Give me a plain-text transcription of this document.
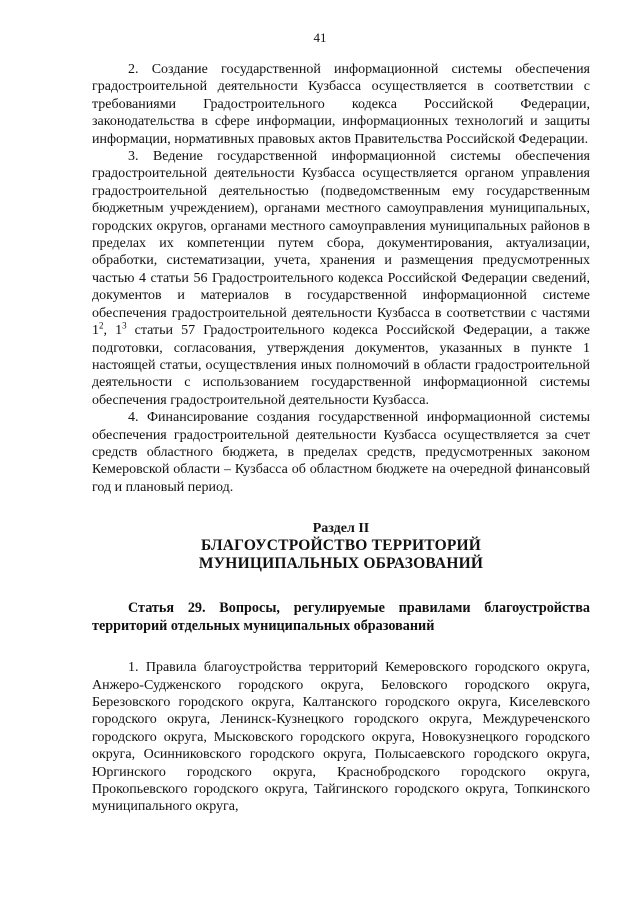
41

2. Создание государственной информационной системы обеспечения градостроительной деятельности Кузбасса осуществляется в соответствии с требованиями Градостроительного кодекса Российской Федерации, законодательства в сфере информации, информационных технологий и защиты информации, нормативных правовых актов Правительства Российской Федерации.

3. Ведение государственной информационной системы обеспечения градостроительной деятельности Кузбасса осуществляется органом управления градостроительной деятельностью (подведомственным ему государственным бюджетным учреждением), органами местного самоуправления муниципальных, городских округов, органами местного самоуправления муниципальных районов в пределах их компетенции путем сбора, документирования, актуализации, обработки, систематизации, учета, хранения и размещения предусмотренных частью 4 статьи 56 Градостроительного кодекса Российской Федерации сведений, документов и материалов в государственной информационной системе обеспечения градостроительной деятельности Кузбасса в соответствии с частями $1^2$, $1^3$ статьи 57 Градостроительного кодекса Российской Федерации, а также подготовки, согласования, утверждения документов, указанных в пункте 1 настоящей статьи, осуществления иных полномочий в области градостроительной деятельности с использованием государственной информационной системы обеспечения градостроительной деятельности Кузбасса.

4. Финансирование создания государственной информационной системы обеспечения градостроительной деятельности Кузбасса осуществляется за счет средств областного бюджета, в пределах средств, предусмотренных законом Кемеровской области – Кузбасса об областном бюджете на очередной финансовый год и плановый период.

Раздел II
БЛАГОУСТРОЙСТВО ТЕРРИТОРИЙ
МУНИЦИПАЛЬНЫХ ОБРАЗОВАНИЙ

Статья 29. Вопросы, регулируемые правилами благоустройства территорий отдельных муниципальных образований

1. Правила благоустройства территорий Кемеровского городского округа, Анжеро-Судженского городского округа, Беловского городского округа, Березовского городского округа, Калтанского городского округа, Киселевского городского округа, Ленинск-Кузнецкого городского округа, Междуреченского городского округа, Мысковского городского округа, Новокузнецкого городского округа, Осинниковского городского округа, Полысаевского городского округа, Юргинского городского округа, Краснобродского городского округа, Прокопьевского городского округа, Тайгинского городского округа, Топкинского муниципального округа,
